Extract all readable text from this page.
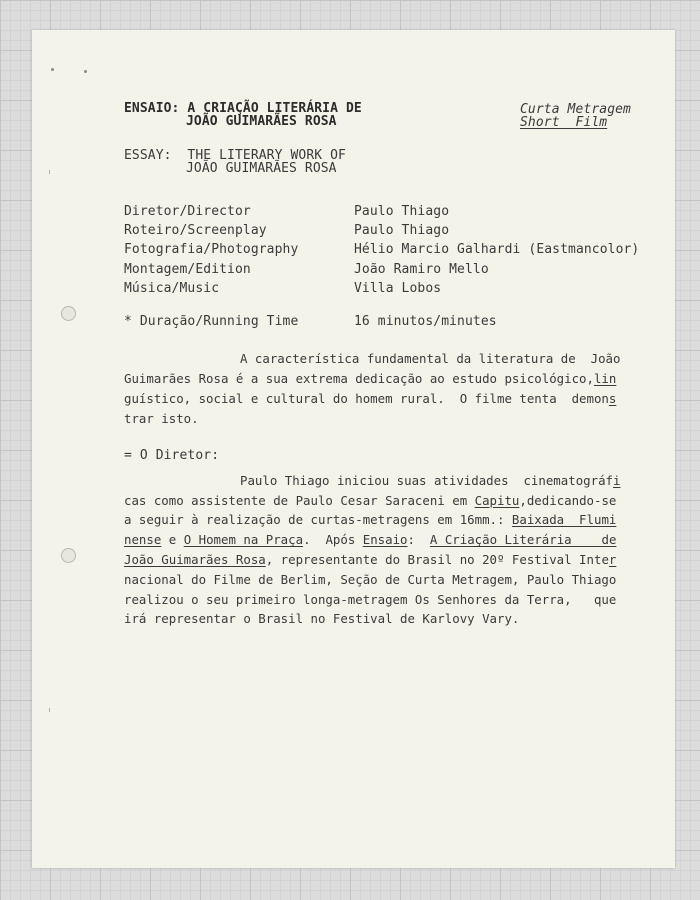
ENSAIO: A CRIAÇÃO LITERÁRIA DE
JOÃO GUIMARÃES ROSA
Curta Metragem
Short  Film
ESSAY:  THE LITERARY WORK OF
JOÃO GUIMARÃES ROSA
Diretor/Director	Paulo Thiago
Roteiro/Screenplay	Paulo Thiago
Fotografia/Photography	Hélio Marcio Galhardi (Eastmancolor)
Montagem/Edition	João Ramiro Mello
Música/Music	Villa Lobos
* Duração/Running Time	16 minutos/minutes
A característica fundamental da literatura de  João
Guimarães Rosa é a sua extrema dedicação ao estudo psicológico,lin
guístico, social e cultural do homem rural.  O filme tenta  demons
trar isto.
= O Diretor:
Paulo Thiago iniciou suas atividades  cinematográfi
cas como assistente de Paulo Cesar Saraceni em Capitu,dedicando-se
a seguir à realização de curtas-metragens em 16mm.: Baixada  Flumi
nense e O Homem na Praça.  Após Ensaio:  A Criação Literária    de
João Guimarães Rosa, representante do Brasil no 20º Festival Inter
nacional do Filme de Berlim, Seção de Curta Metragem, Paulo Thiago
realizou o seu primeiro longa-metragem Os Senhores da Terra,   que
irá representar o Brasil no Festival de Karlovy Vary.
